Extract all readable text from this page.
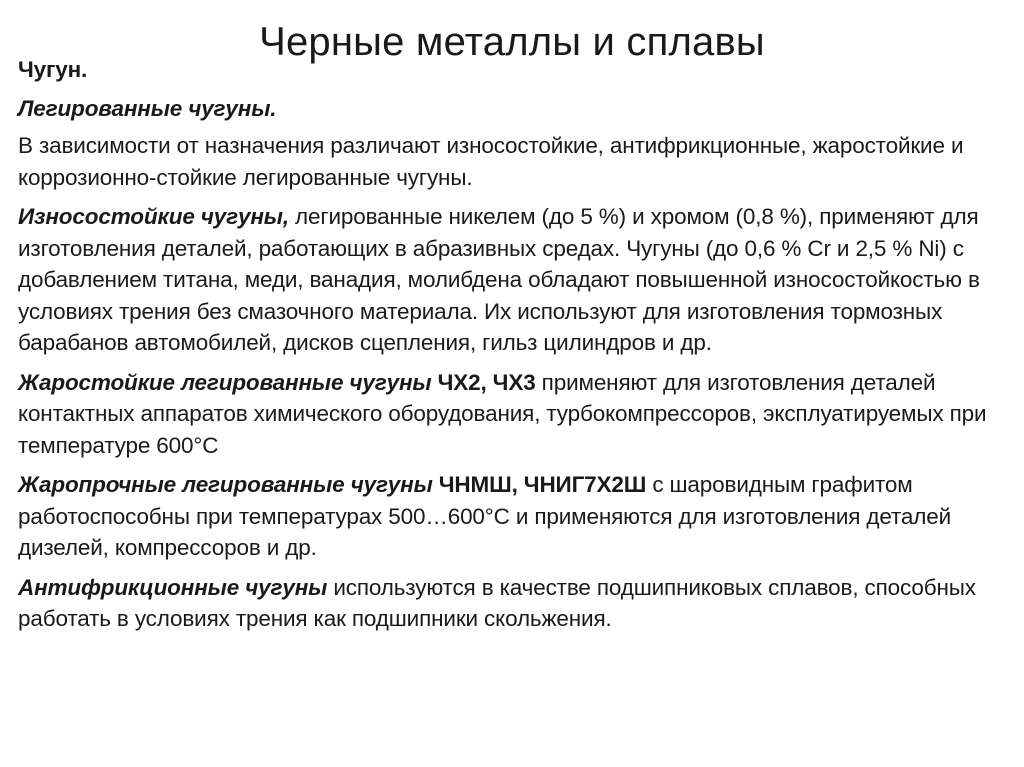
Черные металлы и сплавы

Чугун.

Легированные чугуны.

В зависимости от назначения различают износостойкие, антифрикционные, жаростойкие и коррозионно-стойкие легированные чугуны.

Износостойкие чугуны, легированные никелем (до 5 %) и хромом (0,8 %), применяют для изготовления деталей, работающих в абразивных средах. Чугуны (до 0,6 % Cr и 2,5 % Ni) с добавлением титана, меди, ванадия, молибдена обладают повышенной износостойкостью в условиях трения без смазочного материала. Их используют для изготовления тормозных барабанов автомобилей, дисков сцепления, гильз цилиндров и др.

Жаростойкие легированные чугуны ЧХ2, ЧХ3 применяют для изготовления деталей контактных аппаратов химического оборудования, турбокомпрессоров, эксплуатируемых при температуре 600°С

Жаропрочные легированные чугуны ЧНМШ, ЧНИГ7Х2Ш с шаровидным графитом работоспособны при температурах 500…600°С и применяются для изготовления деталей дизелей, компрессоров и др.

Антифрикционные чугуны используются в качестве подшипниковых сплавов, способных работать в условиях трения как подшипники скольжения.
